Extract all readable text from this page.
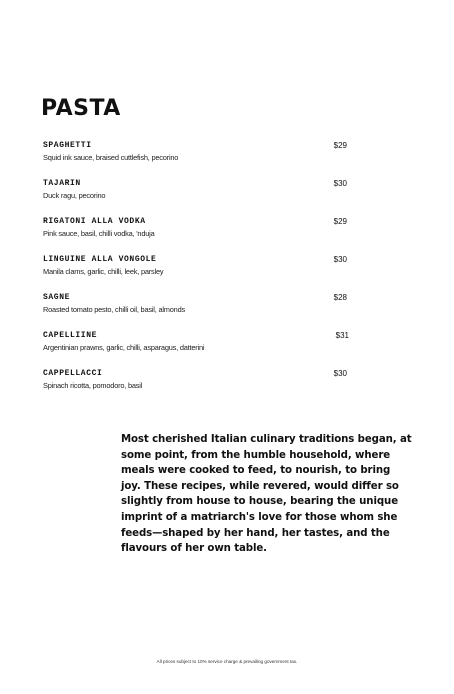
PASTA
SPAGHETTI
Squid ink sauce, braised cuttlefish, pecorino
$29
TAJARIN
Duck ragu, pecorino
$30
RIGATONI ALLA VODKA
Pink sauce, basil, chilli vodka, 'nduja
$29
LINGUINE ALLA VONGOLE
Manila clams, garlic, chilli, leek, parsley
$30
SAGNE
Roasted tomato pesto, chilli oil, basil, almonds
$28
CAPELLIINE
Argentinian prawns, garlic, chilli, asparagus, datterini
$31
CAPPELLACCI
Spinach ricotta, pomodoro, basil
$30

Most cherished Italian culinary traditions began, at some point, from the humble household, where meals were cooked to feed, to nourish, to bring joy. These recipes, while revered, would differ so slightly from house to house, bearing the unique imprint of a matriarch's love for those whom she feeds—shaped by her hand, her tastes, and the flavours of her own table.

All prices subject to 10% service charge & prevailing government tax.
